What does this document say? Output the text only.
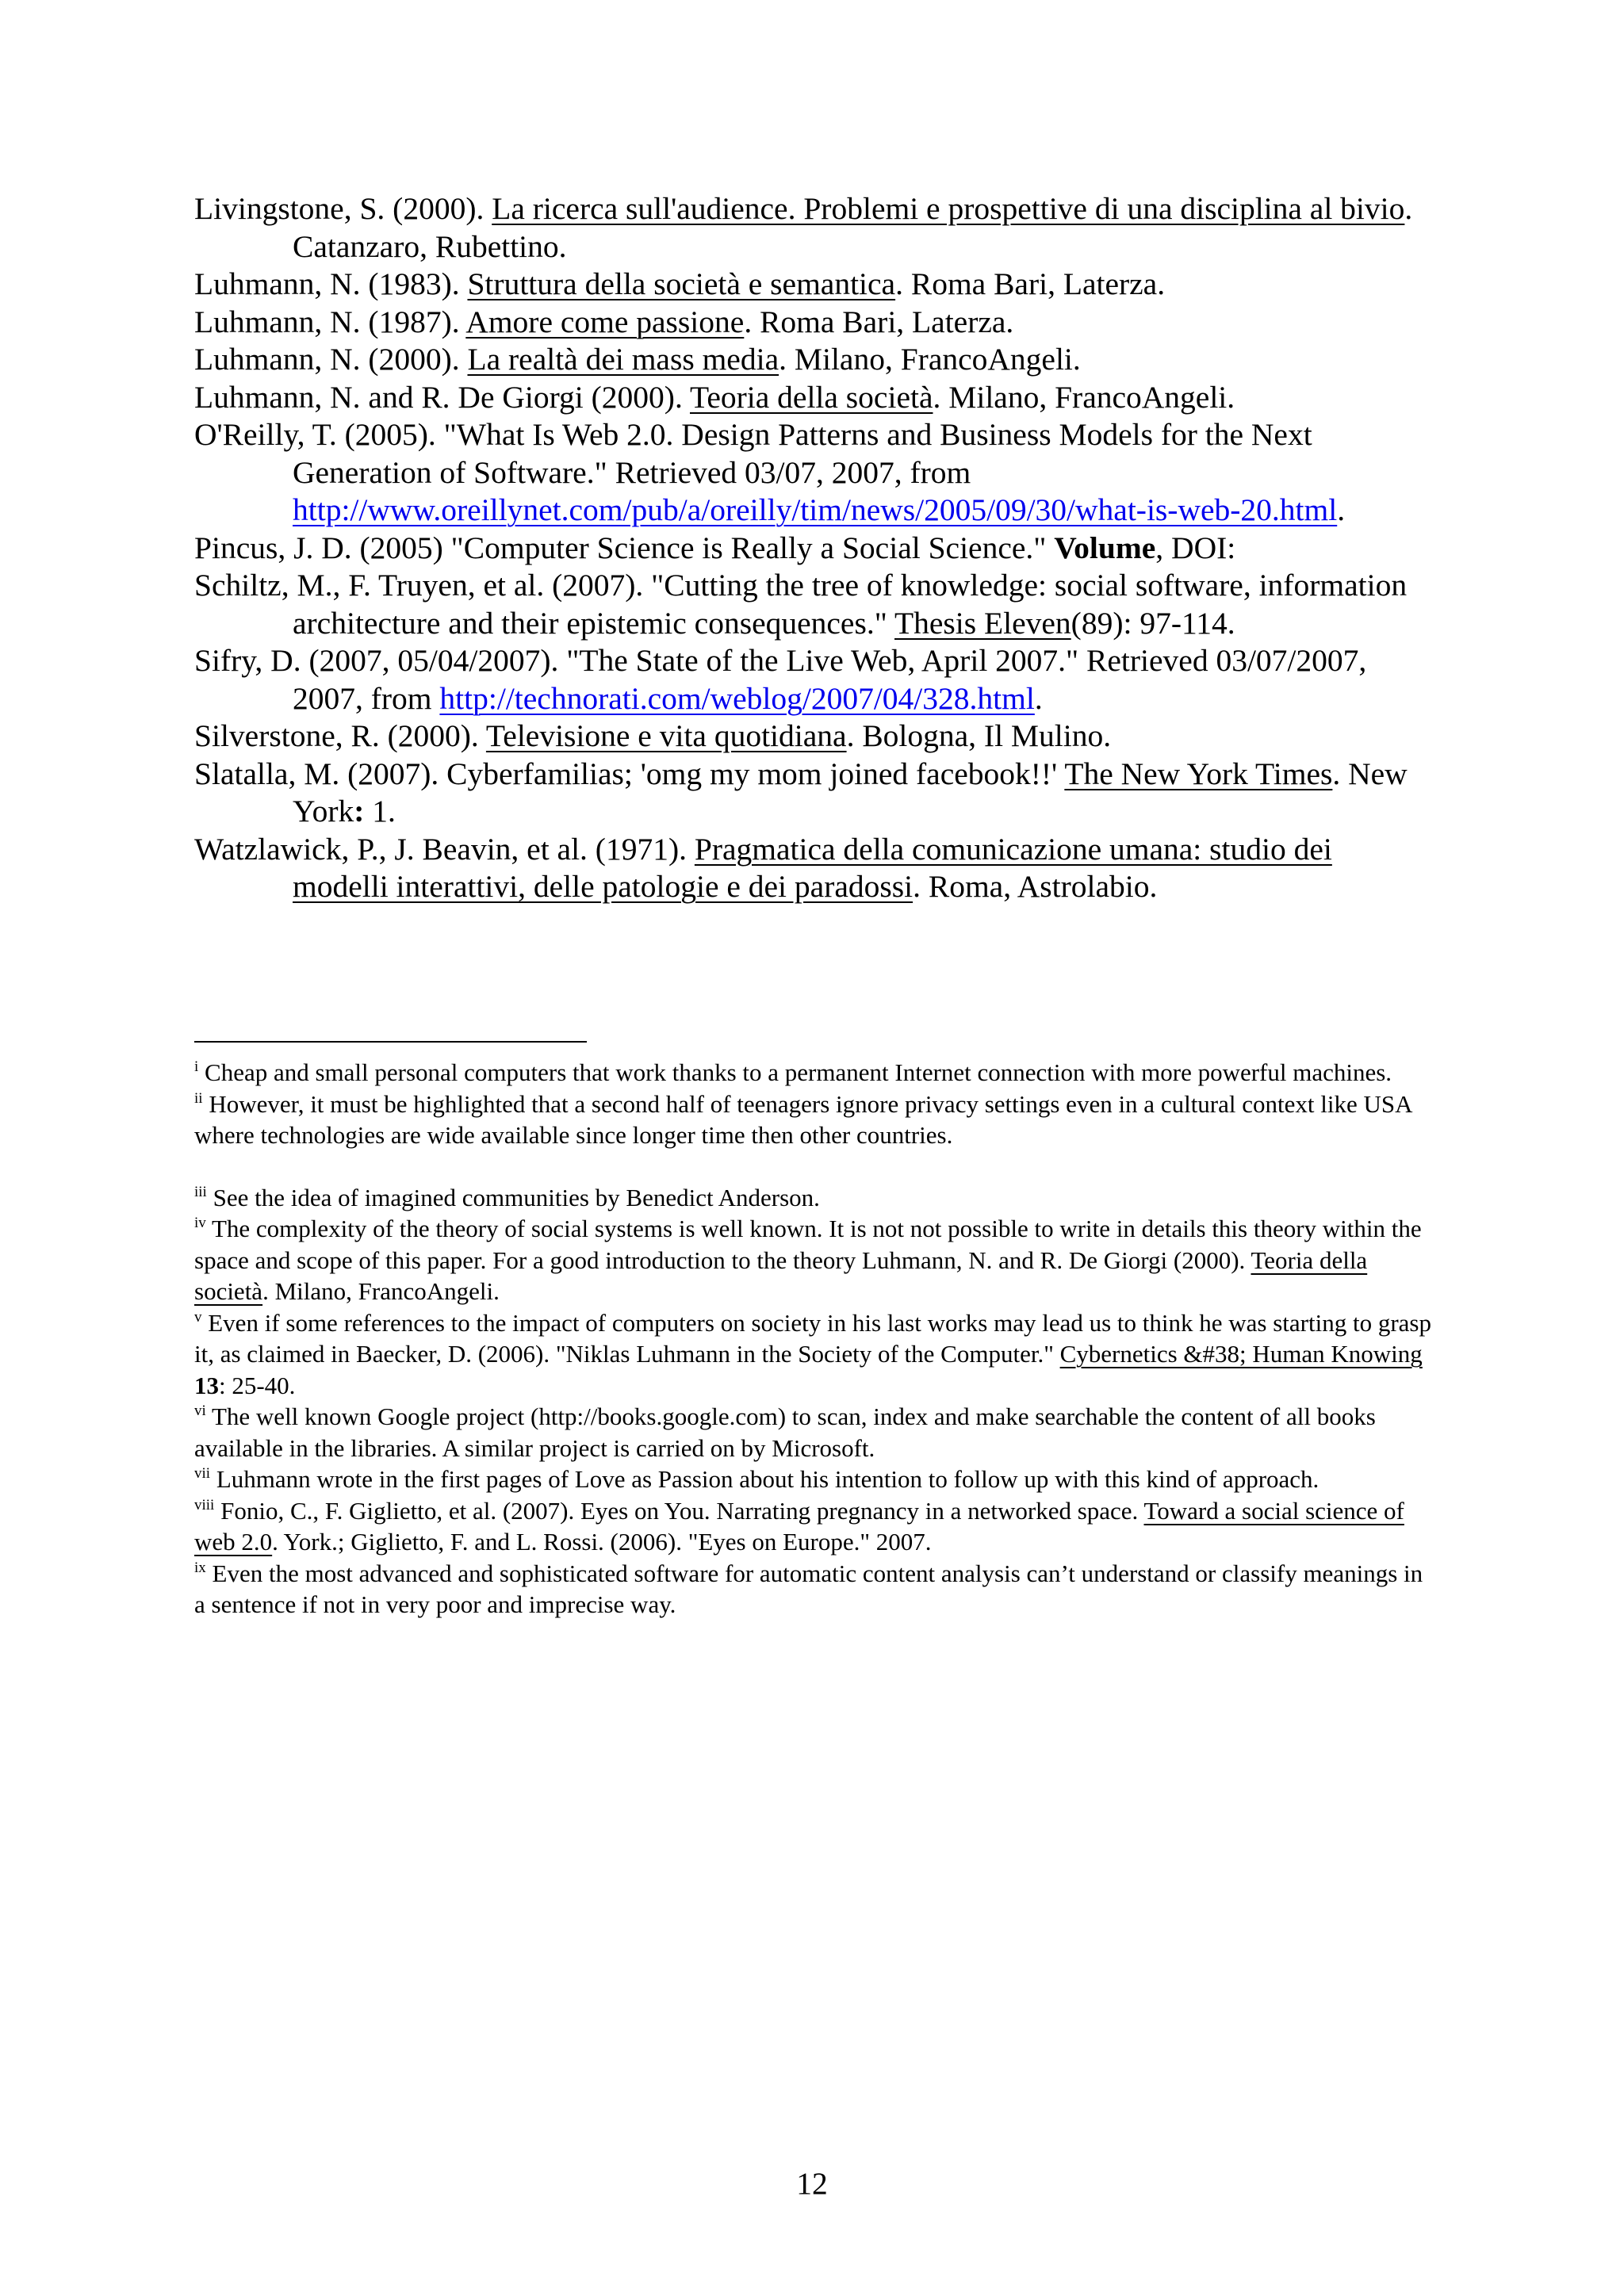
Livingstone, S. (2000). La ricerca sull'audience. Problemi e prospettive di una disciplina al bivio. Catanzaro, Rubettino.

Luhmann, N. (1983). Struttura della società e semantica. Roma Bari, Laterza.

Luhmann, N. (1987). Amore come passione. Roma Bari, Laterza.

Luhmann, N. (2000). La realtà dei mass media. Milano, FrancoAngeli.

Luhmann, N. and R. De Giorgi (2000). Teoria della società. Milano, FrancoAngeli.

O'Reilly, T. (2005). "What Is Web 2.0. Design Patterns and Business Models for the Next Generation of Software." Retrieved 03/07, 2007, from http://www.oreillynet.com/pub/a/oreilly/tim/news/2005/09/30/what-is-web-20.html.

Pincus, J. D. (2005) "Computer Science is Really a Social Science." Volume, DOI:

Schiltz, M., F. Truyen, et al. (2007). "Cutting the tree of knowledge: social software, information architecture and their epistemic consequences." Thesis Eleven(89): 97-114.

Sifry, D. (2007, 05/04/2007). "The State of the Live Web, April 2007." Retrieved 03/07/2007, 2007, from http://technorati.com/weblog/2007/04/328.html.

Silverstone, R. (2000). Televisione e vita quotidiana. Bologna, Il Mulino.

Slatalla, M. (2007). Cyberfamilias; 'omg my mom joined facebook!!' The New York Times. New York: 1.

Watzlawick, P., J. Beavin, et al. (1971). Pragmatica della comunicazione umana: studio dei modelli interattivi, delle patologie e dei paradossi. Roma, Astrolabio.

$^i$ Cheap and small personal computers that work thanks to a permanent Internet connection with more powerful machines.

$^{ii}$ However, it must be highlighted that a second half of teenagers ignore privacy settings even in a cultural context like USA where technologies are wide available since longer time then other countries.

$^{iii}$ See the idea of imagined communities by Benedict Anderson.

$^{iv}$ The complexity of the theory of social systems is well known. It is not not possible to write in details this theory within the space and scope of this paper. For a good introduction to the theory Luhmann, N. and R. De Giorgi (2000). Teoria della società. Milano, FrancoAngeli.

$^v$ Even if some references to the impact of computers on society in his last works may lead us to think he was starting to grasp it, as claimed in Baecker, D. (2006). "Niklas Luhmann in the Society of the Computer." Cybernetics &#38; Human Knowing 13: 25-40.

$^{vi}$ The well known Google project (http://books.google.com) to scan, index and make searchable the content of all books available in the libraries. A similar project is carried on by Microsoft.

$^{vii}$ Luhmann wrote in the first pages of Love as Passion about his intention to follow up with this kind of approach.

$^{viii}$ Fonio, C., F. Giglietto, et al. (2007). Eyes on You. Narrating pregnancy in a networked space. Toward a social science of web 2.0. York.; Giglietto, F. and L. Rossi. (2006). "Eyes on Europe." 2007.

$^{ix}$ Even the most advanced and sophisticated software for automatic content analysis can’t understand or classify meanings in a sentence if not in very poor and imprecise way.

12
